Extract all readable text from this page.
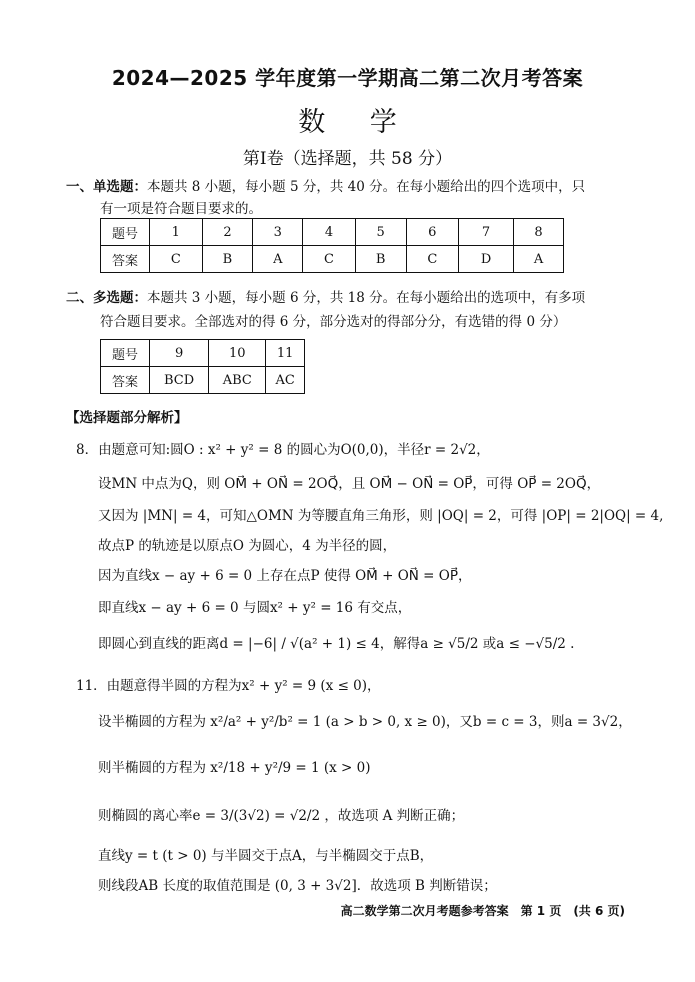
2024—2025 学年度第一学期高二第二次月考答案
数 学
第Ⅰ卷（选择题，共 58 分）
一、单选题：本题共 8 小题，每小题 5 分，共 40 分。在每小题给出的四个选项中，只
有一项是符合题目要求的。
题号	1	2	3	4	5	6	7	8
答案	C	B	A	C	B	C	D	A
二、多选题：本题共 3 小题，每小题 6 分，共 18 分。在每小题给出的选项中，有多项
符合题目要求。全部选对的得 6 分，部分选对的得部分分，有选错的得 0 分）
题号	9	10	11
答案	BCD	ABC	AC
【选择题部分解析】
8．由题意可知:圆O : x² + y² = 8 的圆心为O(0,0)，半径r = 2√2，
设MN 中点为Q，则 OM⃗ + ON⃗ = 2OQ⃗，且 OM⃗ − ON⃗ = OP⃗，可得 OP⃗ = 2OQ⃗，
又因为 |MN| = 4，可知△OMN 为等腰直角三角形，则 |OQ| = 2，可得 |OP| = 2|OQ| = 4,
故点P 的轨迹是以原点O 为圆心，4 为半径的圆，
因为直线x − ay + 6 = 0 上存在点P 使得 OM⃗ + ON⃗ = OP⃗，
即直线x − ay + 6 = 0 与圆x² + y² = 16 有交点，
即圆心到直线的距离d = |−6| / √(a² + 1) ≤ 4，解得a ≥ √5/2 或a ≤ −√5/2 .
11．由题意得半圆的方程为x² + y² = 9 (x ≤ 0)，
设半椭圆的方程为 x²/a² + y²/b² = 1 (a > b > 0, x ≥ 0)，又b = c = 3，则a = 3√2，
则半椭圆的方程为 x²/18 + y²/9 = 1 (x > 0)
则椭圆的离心率e = 3/(3√2) = √2/2 ，故选项 A 判断正确；
直线y = t (t > 0) 与半圆交于点A，与半椭圆交于点B，
则线段AB 长度的取值范围是 (0, 3 + 3√2]．故选项 B 判断错误；
高二数学第二次月考题参考答案　第 1 页　(共 6 页)
